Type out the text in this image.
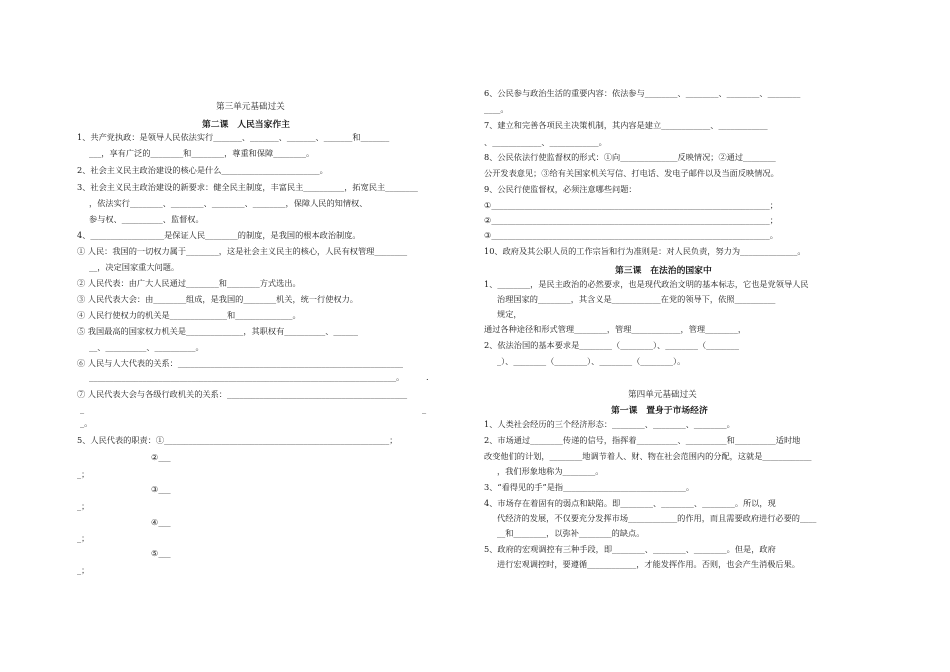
第三单元基础过关
第二课　人民当家作主
1、共产党执政：是领导人民依法实行_______、_______、_______、_______和_______
___，享有广泛的________和________，尊重和保障________。
2、社会主义民主政治建设的核心是什么________________________。
3、社会主义民主政治建设的新要求：健全民主制度，丰富民主__________，拓宽民主________
，依法实行________、________、________、________，保障人民的知情权、
参与权、__________、监督权。
4、__________________是保证人民________的制度，是我国的根本政治制度。
① 人民：我国的一切权力属于________，这是社会主义民主的核心，人民有权管理________
__，决定国家重大问题。
② 人民代表：由广大人民通过________和________方式选出。
③ 人民代表大会：由________组成，是我国的________机关，统一行使权力。
④ 人民行使权力的机关是______________和______________。
⑤ 我国最高的国家权力机关是______________，其职权有__________、______
__、__________、__________。
⑥ 人民与人大代表的关系：_______________________________________________________
___________________________________________________________________________。
⑦ 人民代表大会与各级行政机关的关系：____________________________________________
_
_。
5、人民代表的职责：①_______________________________________________________；
②___
_；
③___
_；
④___
_；
⑤___
_；
_
.
6、公民参与政治生活的重要内容：依法参与________、________、________、________
____。
7、建立和完善各项民主决策机制，其内容是建立____________、____________
、____________、____________。
8、公民依法行使监督权的形式：①向______________反映情况；②通过________
公开发表意见；③给有关国家机关写信、打电话、发电子邮件以及当面反映情况。
9、公民行使监督权，必须注意哪些问题：
①____________________________________________________________________；
②____________________________________________________________________；
③____________________________________________________________________。
10、政府及其公职人员的工作宗旨和行为准则是：对人民负责，努力为______________。
第三课　在法治的国家中
1、________，是民主政治的必然要求，也是现代政治文明的基本标志，它也是党领导人民
治理国家的________，其含义是____________在党的领导下，依照__________
规定，
通过各种途径和形式管理________，管理____________，管理________，
2、依法治国的基本要求是________（________）、________（________
_）、________（________）、________（________）。
第四单元基础过关
第一课　置身于市场经济
1、人类社会经历的三个经济形态：________、________、________。
2、市场通过________传递的信号，指挥着__________、__________和__________适时地
改变他们的计划，________地调节着人、财、物在社会范围内的分配，这就是____________
，我们形象地称为________。
3、“看得见的手”是指______________________________。
4、市场存在着固有的弱点和缺陷。即________、________、________。所以，现
代经济的发展，不仅要充分发挥市场____________的作用，而且需要政府进行必要的____
__和________，以弥补________的缺点。
5、政府的宏观调控有三种手段，即________、________、________。但是，政府
进行宏观调控时，要遵循____________，才能发挥作用。否则，也会产生消极后果。
